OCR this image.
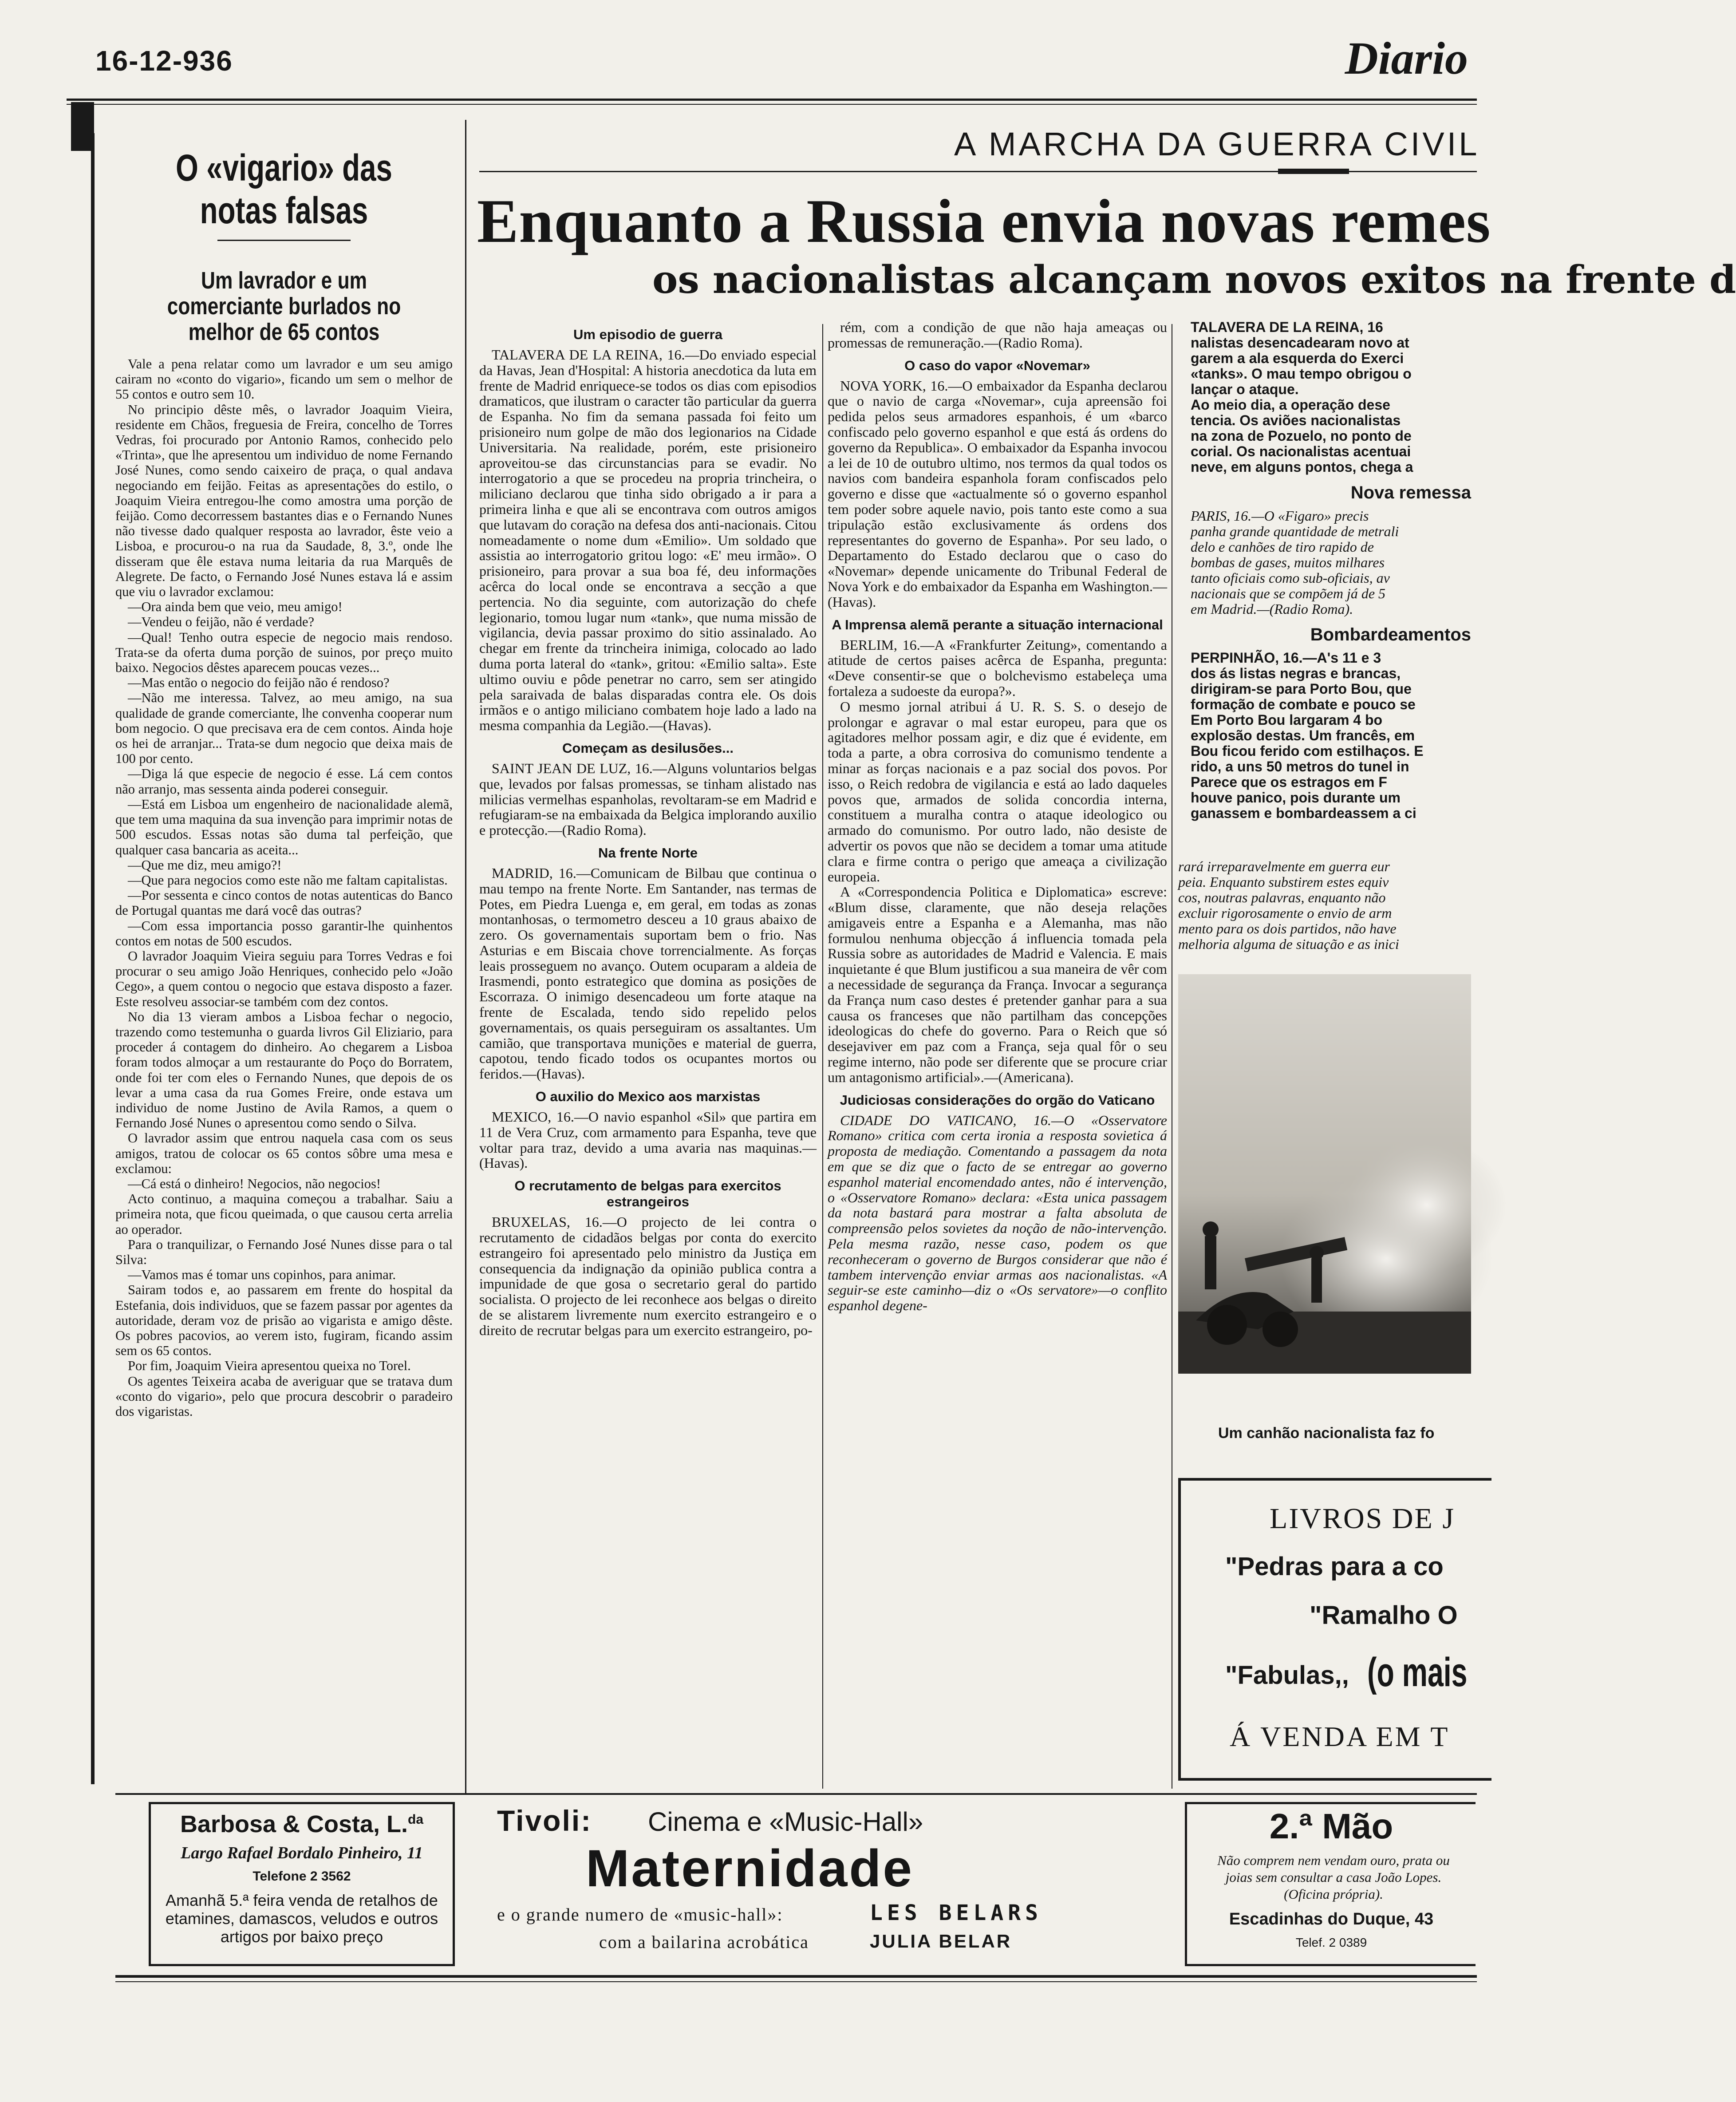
16-12-936	Diario
O «vigario» das notas falsas
Um lavrador e um comerciante burlados no melhor de 65 contos

Vale a pena relatar como um lavrador e um seu amigo cairam no «conto do vigario», ficando um sem o melhor de 55 contos e outro sem 10.

No principio dêste mês, o lavrador Joaquim Vieira, residente em Chãos, freguesia de Freira, concelho de Torres Vedras, foi procurado por Antonio Ramos, conhecido pelo «Trinta», que lhe apresentou um individuo de nome Fernando José Nunes, como sendo caixeiro de praça, o qual andava negociando em feijão. Feitas as apresentações do estilo, o Joaquim Vieira entregou-lhe como amostra uma porção de feijão. Como decorressem bastantes dias e o Fernando Nunes não tivesse dado qualquer resposta ao lavrador, êste veio a Lisboa, e procurou-o na rua da Saudade, 8, 3.º, onde lhe disseram que êle estava numa leitaria da rua Marquês de Alegrete. De facto, o Fernando José Nunes estava lá e assim que viu o lavrador exclamou:

—Ora ainda bem que veio, meu amigo!

—Vendeu o feijão, não é verdade?

—Qual! Tenho outra especie de negocio mais rendoso. Trata-se da oferta duma porção de suinos, por preço muito baixo. Negocios dêstes aparecem poucas vezes...

—Mas então o negocio do feijão não é rendoso?

—Não me interessa. Talvez, ao meu amigo, na sua qualidade de grande comerciante, lhe convenha cooperar num bom negocio. O que precisava era de cem contos. Ainda hoje os hei de arranjar... Trata-se dum negocio que deixa mais de 100 por cento.

—Diga lá que especie de negocio é esse. Lá cem contos não arranjo, mas sessenta ainda poderei conseguir.

—Está em Lisboa um engenheiro de nacionalidade alemã, que tem uma maquina da sua invenção para imprimir notas de 500 escudos. Essas notas são duma tal perfeição, que qualquer casa bancaria as aceita...

—Que me diz, meu amigo?!

—Que para negocios como este não me faltam capitalistas.

—Por sessenta e cinco contos de notas autenticas do Banco de Portugal quantas me dará você das outras?

—Com essa importancia posso garantir-lhe quinhentos contos em notas de 500 escudos.

O lavrador Joaquim Vieira seguiu para Torres Vedras e foi procurar o seu amigo João Henriques, conhecido pelo «João Cego», a quem contou o negocio que estava disposto a fazer. Este resolveu associar-se também com dez contos.

No dia 13 vieram ambos a Lisboa fechar o negocio, trazendo como testemunha o guarda livros Gil Eliziario, para proceder á contagem do dinheiro. Ao chegarem a Lisboa foram todos almoçar a um restaurante do Poço do Borratem, onde foi ter com eles o Fernando Nunes, que depois de os levar a uma casa da rua Gomes Freire, onde estava um individuo de nome Justino de Avila Ramos, a quem o Fernando José Nunes o apresentou como sendo o Silva.

O lavrador assim que entrou naquela casa com os seus amigos, tratou de colocar os 65 contos sôbre uma mesa e exclamou:

—Cá está o dinheiro! Negocios, não negocios!

Acto continuo, a maquina começou a trabalhar. Saiu a primeira nota, que ficou queimada, o que causou certa arrelia ao operador.

Para o tranquilizar, o Fernando José Nunes disse para o tal Silva:

—Vamos mas é tomar uns copinhos, para animar.

Sairam todos e, ao passarem em frente do hospital da Estefania, dois individuos, que se fazem passar por agentes da autoridade, deram voz de prisão ao vigarista e amigo dêste. Os pobres pacovios, ao verem isto, fugiram, ficando assim sem os 65 contos.

Por fim, Joaquim Vieira apresentou queixa no Torel.

Os agentes Teixeira acaba de averiguar que se tratava dum «conto do vigario», pelo que procura descobrir o paradeiro dos vigaristas.

A MARCHA DA GUERRA CIVIL
Enquanto a Russia envia novas remes
os nacionalistas alcançam novos exitos na frente d
Um episodio de guerra

TALAVERA DE LA REINA, 16.—Do enviado especial da Havas, Jean d'Hospital: A historia anecdotica da luta em frente de Madrid enriquece-se todos os dias com episodios dramaticos, que ilustram o caracter tão particular da guerra de Espanha. No fim da semana passada foi feito um prisioneiro num golpe de mão dos legionarios na Cidade Universitaria. Na realidade, porém, este prisioneiro aproveitou-se das circunstancias para se evadir. No interrogatorio a que se procedeu na propria trincheira, o miliciano declarou que tinha sido obrigado a ir para a primeira linha e que ali se encontrava com outros amigos que lutavam do coração na defesa dos anti-nacionais. Citou nomeadamente o nome dum «Emilio». Um soldado que assistia ao interrogatorio gritou logo: «E' meu irmão». O prisioneiro, para provar a sua boa fé, deu informações acêrca do local onde se encontrava a secção a que pertencia. No dia seguinte, com autorização do chefe legionario, tomou lugar num «tank», que numa missão de vigilancia, devia passar proximo do sitio assinalado. Ao chegar em frente da trincheira inimiga, colocado ao lado duma porta lateral do «tank», gritou: «Emilio salta». Este ultimo ouviu e pôde penetrar no carro, sem ser atingido pela saraivada de balas disparadas contra ele. Os dois irmãos e o antigo miliciano combatem hoje lado a lado na mesma companhia da Legião.—(Havas).

Começam as desilusões...

SAINT JEAN DE LUZ, 16.—Alguns voluntarios belgas que, levados por falsas promessas, se tinham alistado nas milicias vermelhas espanholas, revoltaram-se em Madrid e refugiaram-se na embaixada da Belgica implorando auxilio e protecção.—(Radio Roma).

Na frente Norte

MADRID, 16.—Comunicam de Bilbau que continua o mau tempo na frente Norte. Em Santander, nas termas de Potes, em Piedra Luenga e, em geral, em todas as zonas montanhosas, o termometro desceu a 10 graus abaixo de zero. Os governamentais suportam bem o frio. Nas Asturias e em Biscaia chove torrencialmente. As forças leais prosseguem no avanço. Outem ocuparam a aldeia de Irasmendi, ponto estrategico que domina as posições de Escorraza. O inimigo desencadeou um forte ataque na frente de Escalada, tendo sido repelido pelos governamentais, os quais perseguiram os assaltantes. Um camião, que transportava munições e material de guerra, capotou, tendo ficado todos os ocupantes mortos ou feridos.—(Havas).

O auxilio do Mexico aos marxistas

MEXICO, 16.—O navio espanhol «Sil» que partira em 11 de Vera Cruz, com armamento para Espanha, teve que voltar para traz, devido a uma avaria nas maquinas.—(Havas).

O recrutamento de belgas para exercitos estrangeiros

BRUXELAS, 16.—O projecto de lei contra o recrutamento de cidadãos belgas por conta do exercito estrangeiro foi apresentado pelo ministro da Justiça em consequencia da indignação da opinião publica contra a impunidade de que gosa o secretario geral do partido socialista. O projecto de lei reconhece aos belgas o direito de se alistarem livremente num exercito estrangeiro e o direito de recrutar belgas para um exercito estrangeiro, po-

rém, com a condição de que não haja ameaças ou promessas de remuneração.—(Radio Roma).

O caso do vapor «Novemar»

NOVA YORK, 16.—O embaixador da Espanha declarou que o navio de carga «Novemar», cuja apreensão foi pedida pelos seus armadores espanhois, é um «barco confiscado pelo governo espanhol e que está ás ordens do governo da Republica». O embaixador da Espanha invocou a lei de 10 de outubro ultimo, nos termos da qual todos os navios com bandeira espanhola foram confiscados pelo governo e disse que «actualmente só o governo espanhol tem poder sobre aquele navio, pois tanto este como a sua tripulação estão exclusivamente ás ordens dos representantes do governo de Espanha». Por seu lado, o Departamento do Estado declarou que o caso do «Novemar» depende unicamente do Tribunal Federal de Nova York e do embaixador da Espanha em Washington.—(Havas).

A Imprensa alemã perante a situação internacional

BERLIM, 16.—A «Frankfurter Zeitung», comentando a atitude de certos paises acêrca de Espanha, pregunta: «Deve consentir-se que o bolchevismo estabeleça uma fortaleza a sudoeste da europa?».

O mesmo jornal atribui á U. R. S. S. o desejo de prolongar e agravar o mal estar europeu, para que os agitadores melhor possam agir, e diz que é evidente, em toda a parte, a obra corrosiva do comunismo tendente a minar as forças nacionais e a paz social dos povos. Por isso, o Reich redobra de vigilancia e está ao lado daqueles povos que, armados de solida concordia interna, constituem a muralha contra o ataque ideologico ou armado do comunismo. Por outro lado, não desiste de advertir os povos que não se decidem a tomar uma atitude clara e firme contra o perigo que ameaça a civilização europeia.

A «Correspondencia Politica e Diplomatica» escreve: «Blum disse, claramente, que não deseja relações amigaveis entre a Espanha e a Alemanha, mas não formulou nenhuma objecção á influencia tomada pela Russia sobre as autoridades de Madrid e Valencia. E mais inquietante é que Blum justificou a sua maneira de vêr com a necessidade de segurança da França. Invocar a segurança da França num caso destes é pretender ganhar para a sua causa os franceses que não partilham das concepções ideologicas do chefe do governo. Para o Reich que só desejaviver em paz com a França, seja qual fôr o seu regime interno, não pode ser diferente que se procure criar um antagonismo artificial».—(Americana).

Judiciosas considerações do orgão do Vaticano

CIDADE DO VATICANO, 16.—O «Osservatore Romano» critica com certa ironia a resposta sovietica á proposta de mediação. Comentando a passagem da nota em que se diz que o facto de se entregar ao governo espanhol material encomendado antes, não é intervenção, o «Osservatore Romano» declara: «Esta unica passagem da nota bastará para mostrar a falta absoluta de compreensão pelos sovietes da noção de não-intervenção. Pela mesma razão, nesse caso, podem os que reconheceram o governo de Burgos considerar que não é tambem intervenção enviar armas aos nacionalistas. «A seguir-se este caminho—diz o «Os servatore»—o conflito espanhol degene-

TALAVERA DE LA REINA, 16

nalistas desencadearam novo at

garem a ala esquerda do Exerci

«tanks». O mau tempo obrigou o

lançar o ataque.

Ao meio dia, a operação dese

tencia. Os aviões nacionalistas

na zona de Pozuelo, no ponto de

corial. Os nacionalistas acentuai

neve, em alguns pontos, chega a

Nova remessa

PARIS, 16.—O «Figaro» precis

panha grande quantidade de metrali

delo e canhões de tiro rapido de

bombas de gases, muitos milhares

tanto oficiais como sub-oficiais, av

nacionais que se compõem já de 5

em Madrid.—(Radio Roma).

Bombardeamentos

PERPINHÃO, 16.—A's 11 e 3

dos ás listas negras e brancas,

dirigiram-se para Porto Bou, que

formação de combate e pouco se

Em Porto Bou largaram 4 bo

explosão destas. Um francês, em

Bou ficou ferido com estilhaços. E

rido, a uns 50 metros do tunel in

Parece que os estragos em F

houve panico, pois durante um

ganassem e bombardeassem a ci

rará irreparavelmente em guerra eur

peia. Enquanto substirem estes equiv

cos, noutras palavras, enquanto não

excluir rigorosamente o envio de arm

mento para os dois partidos, não have

melhoria alguma de situação e as inici

Um canhão nacionalista faz fo
LIVROS DE J
"Pedras para a co
"Ramalho O
"Fabulas,, (o mais
Á VENDA EM T
Barbosa & Costa, L.$^{da}$
Largo Rafael Bordalo Pinheiro, 11
Telefone 2 3562
Amanhã 5.ª feira venda de retalhos de etamines, damascos, veludos e outros artigos por baixo preço
Tivoli: Cinema e «Music-Hall»
Maternidade
e o grande numero de «music-hall»:	LES BELARS
com a bailarina acrobática	JULIA BELAR
2.ª Mão
Não comprem nem vendam ouro, prata ou joias sem consultar a casa João Lopes. (Oficina própria).
Escadinhas do Duque, 43
Telef. 2 0389
